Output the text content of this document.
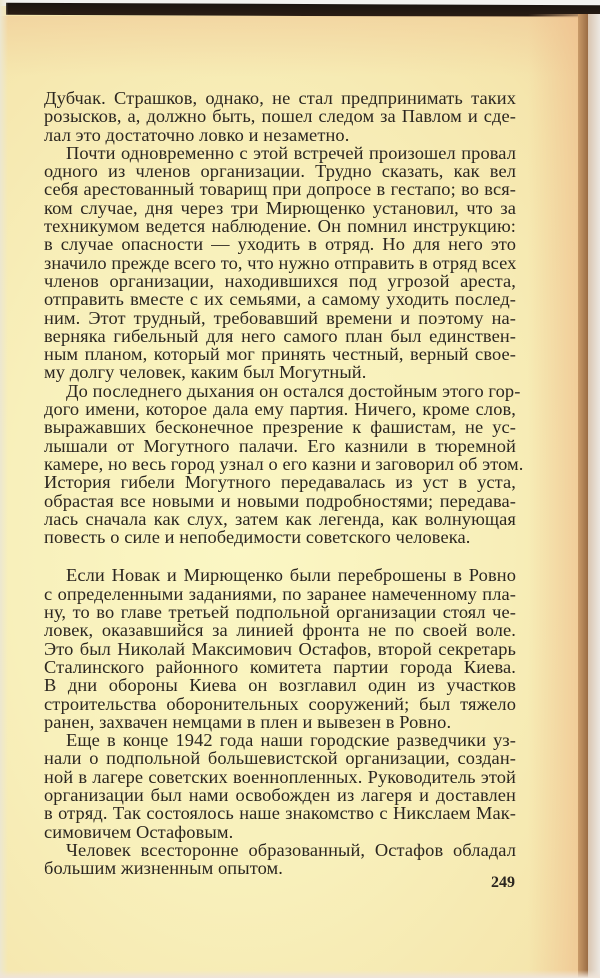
Дубчак. Страшков, однако, не стал предпринимать таких
розысков, а, должно быть, пошел следом за Павлом и сде-
лал это достаточно ловко и незаметно.
Почти одновременно с этой встречей произошел провал
одного из членов организации. Трудно сказать, как вел
себя арестованный товарищ при допросе в гестапо; во вся-
ком случае, дня через три Мирющенко установил, что за
техникумом ведется наблюдение. Он помнил инструкцию:
в случае опасности — уходить в отряд. Но для него это
значило прежде всего то, что нужно отправить в отряд всех
членов организации, находившихся под угрозой ареста,
отправить вместе с их семьями, а самому уходить послед-
ним. Этот трудный, требовавший времени и поэтому на-
верняка гибельный для него самого план был единствен-
ным планом, который мог принять честный, верный свое-
му долгу человек, каким был Могутный.
До последнего дыхания он остался достойным этого гор-
дого имени, которое дала ему партия. Ничего, кроме слов,
выражавших бесконечное презрение к фашистам, не ус-
лышали от Могутного палачи. Его казнили в тюремной
камере, но весь город узнал о его казни и заговорил об этом.
История гибели Могутного передавалась из уст в уста,
обрастая все новыми и новыми подробностями; передава-
лась сначала как слух, затем как легенда, как волнующая
повесть о силе и непобедимости советского человека.
Если Новак и Мирющенко были переброшены в Ровно
с определенными заданиями, по заранее намеченному пла-
ну, то во главе третьей подпольной организации стоял че-
ловек, оказавшийся за линией фронта не по своей воле.
Это был Николай Максимович Остафов, второй секретарь
Сталинского районного комитета партии города Киева.
В дни обороны Киева он возглавил один из участков
строительства оборонительных сооружений; был тяжело
ранен, захвачен немцами в плен и вывезен в Ровно.
Еще в конце 1942 года наши городские разведчики уз-
нали о подпольной большевистской организации, создан-
ной в лагере советских военнопленных. Руководитель этой
организации был нами освобожден из лагеря и доставлен
в отряд. Так состоялось наше знакомство с Никслаем Мак-
симовичем Остафовым.
Человек всесторонне образованный, Остафов обладал
большим жизненным опытом.
249
